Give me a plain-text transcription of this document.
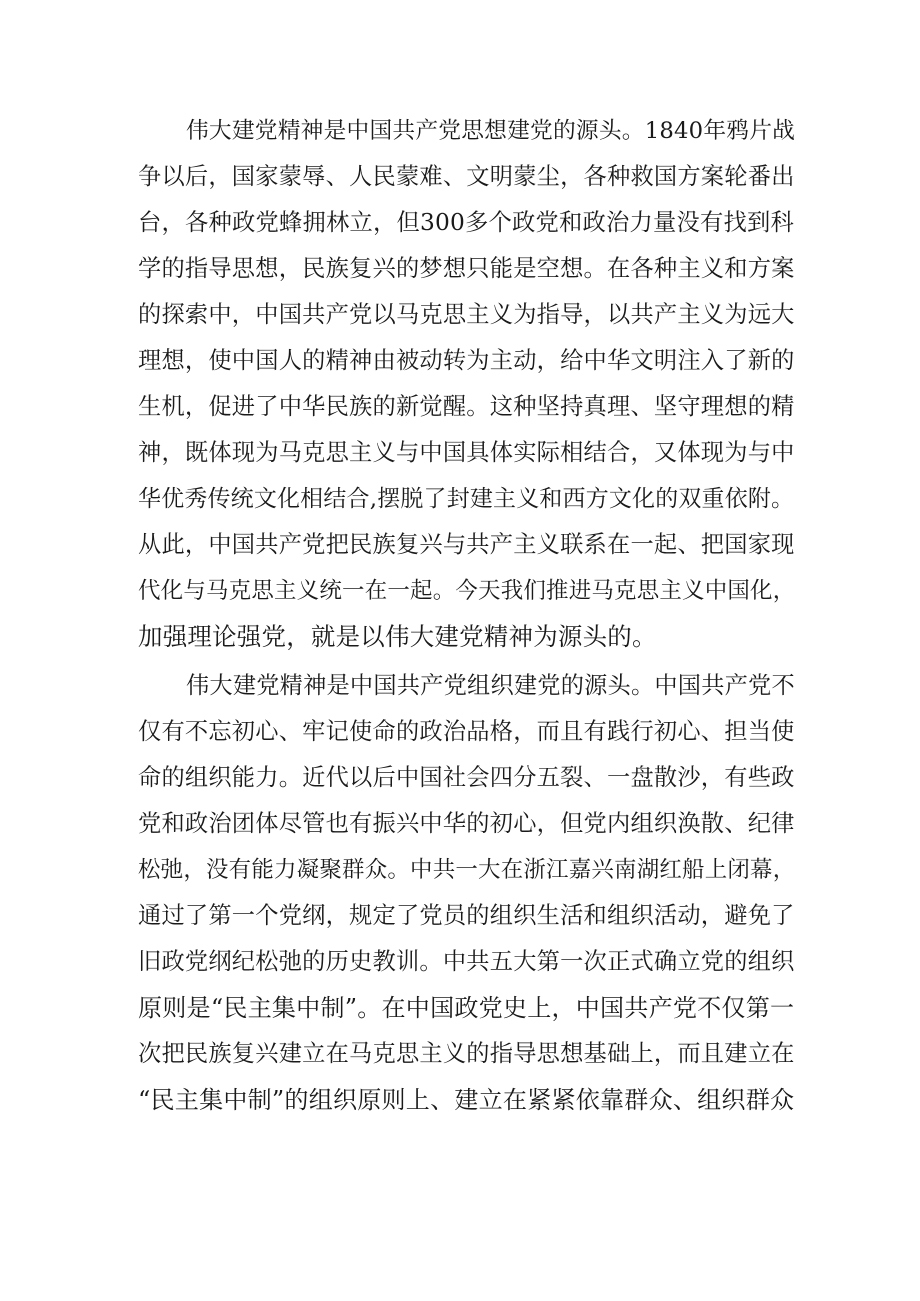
伟大建党精神是中国共产党思想建党的源头。1840年鸦片战
争以后，国家蒙辱、人民蒙难、文明蒙尘，各种救国方案轮番出
台，各种政党蜂拥林立，但300多个政党和政治力量没有找到科
学的指导思想，民族复兴的梦想只能是空想。在各种主义和方案
的探索中，中国共产党以马克思主义为指导，以共产主义为远大
理想，使中国人的精神由被动转为主动，给中华文明注入了新的
生机，促进了中华民族的新觉醒。这种坚持真理、坚守理想的精
神，既体现为马克思主义与中国具体实际相结合，又体现为与中
华优秀传统文化相结合,摆脱了封建主义和西方文化的双重依附。
从此，中国共产党把民族复兴与共产主义联系在一起、把国家现
代化与马克思主义统一在一起。今天我们推进马克思主义中国化，
加强理论强党，就是以伟大建党精神为源头的。
伟大建党精神是中国共产党组织建党的源头。中国共产党不
仅有不忘初心、牢记使命的政治品格，而且有践行初心、担当使
命的组织能力。近代以后中国社会四分五裂、一盘散沙，有些政
党和政治团体尽管也有振兴中华的初心，但党内组织涣散、纪律
松弛，没有能力凝聚群众。中共一大在浙江嘉兴南湖红船上闭幕，
通过了第一个党纲，规定了党员的组织生活和组织活动，避免了
旧政党纲纪松弛的历史教训。中共五大第一次正式确立党的组织
原则是“民主集中制”。在中国政党史上，中国共产党不仅第一
次把民族复兴建立在马克思主义的指导思想基础上，而且建立在
“民主集中制”的组织原则上、建立在紧紧依靠群众、组织群众
